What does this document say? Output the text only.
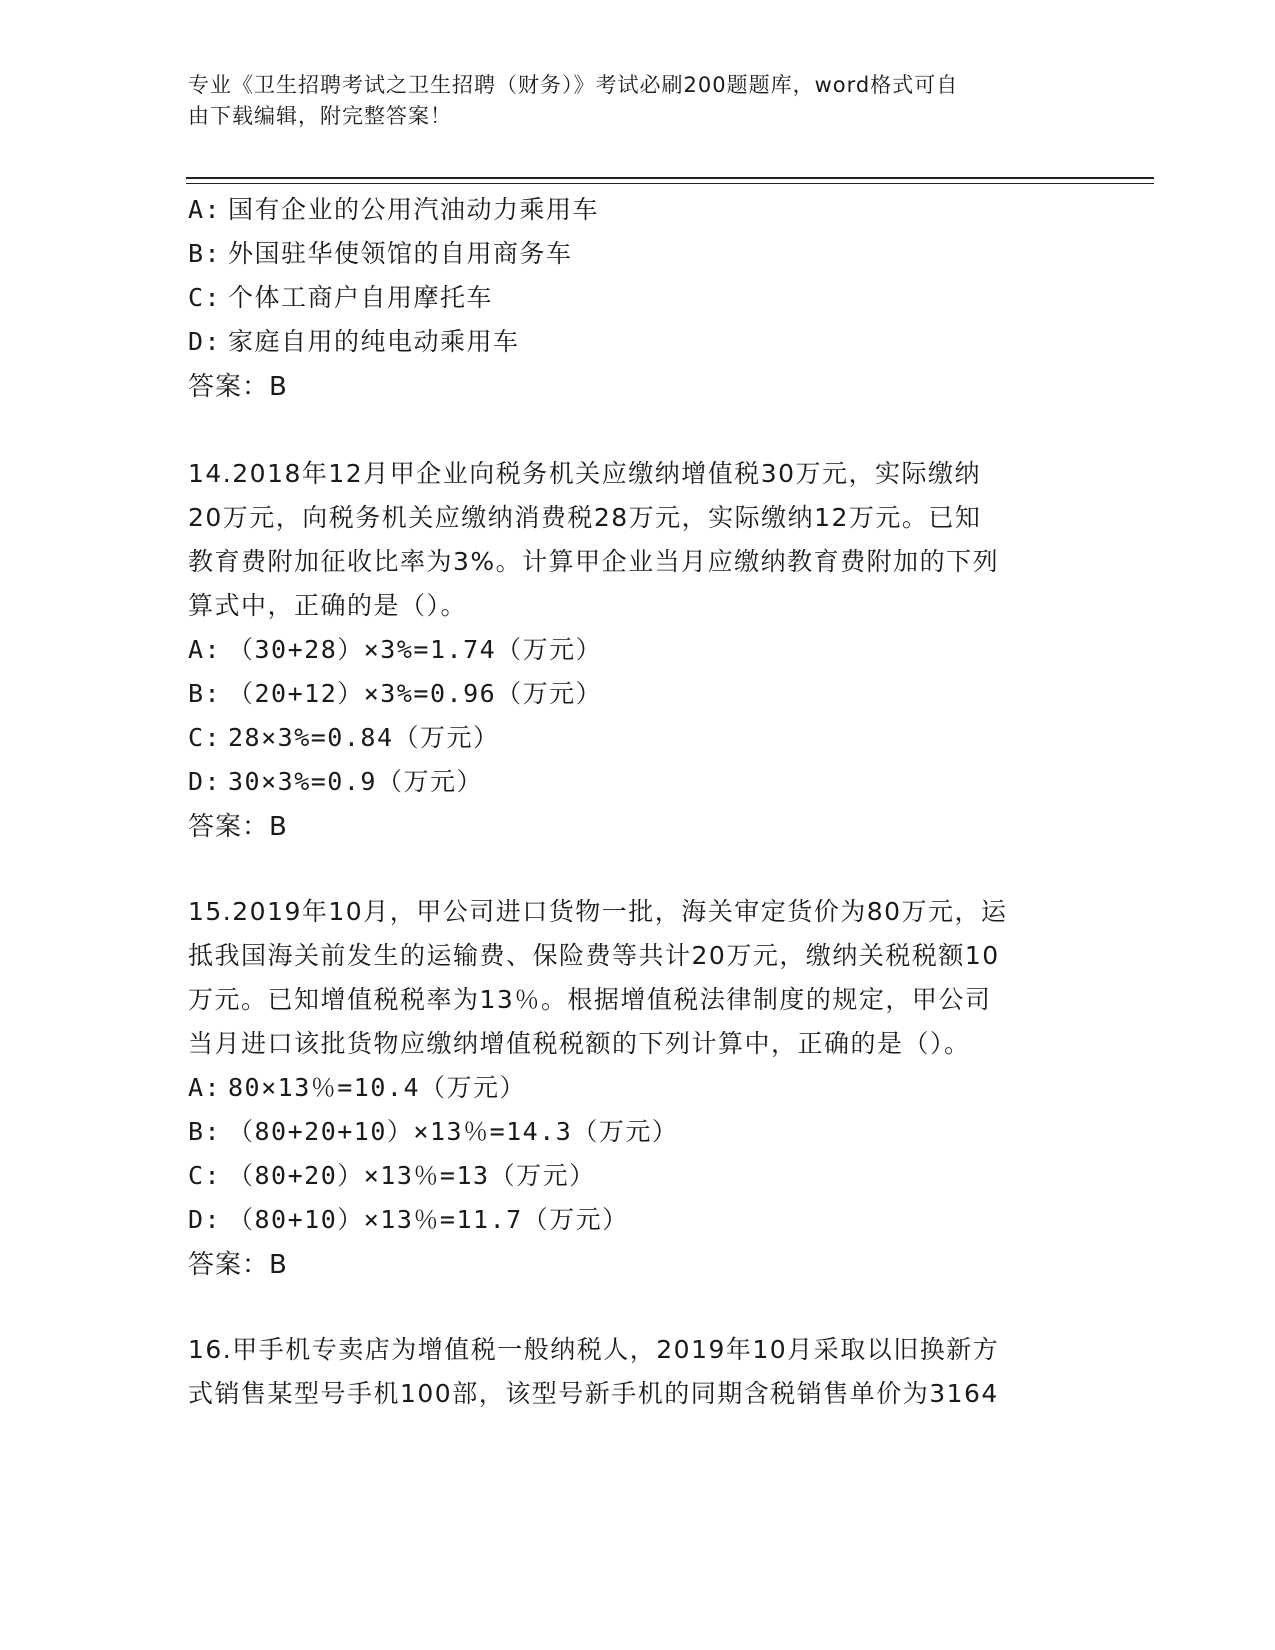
专业《卫生招聘考试之卫生招聘（财务）》考试必刷200题题库，word格式可自
由下载编辑，附完整答案！
A: 国有企业的公用汽油动力乘用车
B: 外国驻华使领馆的自用商务车
C: 个体工商户自用摩托车
D: 家庭自用的纯电动乘用车
答案：B
14.2018年12月甲企业向税务机关应缴纳增值税30万元，实际缴纳
20万元，向税务机关应缴纳消费税28万元，实际缴纳12万元。已知
教育费附加征收比率为3%。计算甲企业当月应缴纳教育费附加的下列
算式中，正确的是（）。
A: （30+28）×3%=1.74（万元）
B: （20+12）×3%=0.96（万元）
C: 28×3%=0.84（万元）
D: 30×3%=0.9（万元）
答案：B
15.2019年10月，甲公司进口货物一批，海关审定货价为80万元，运
抵我国海关前发生的运输费、保险费等共计20万元，缴纳关税税额10
万元。已知增值税税率为13％。根据增值税法律制度的规定，甲公司
当月进口该批货物应缴纳增值税税额的下列计算中，正确的是（）。
A: 80×13％=10.4（万元）
B: （80+20+10）×13％=14.3（万元）
C: （80+20）×13％=13（万元）
D: （80+10）×13％=11.7（万元）
答案：B
16.甲手机专卖店为增值税一般纳税人，2019年10月采取以旧换新方
式销售某型号手机100部，该型号新手机的同期含税销售单价为3164
